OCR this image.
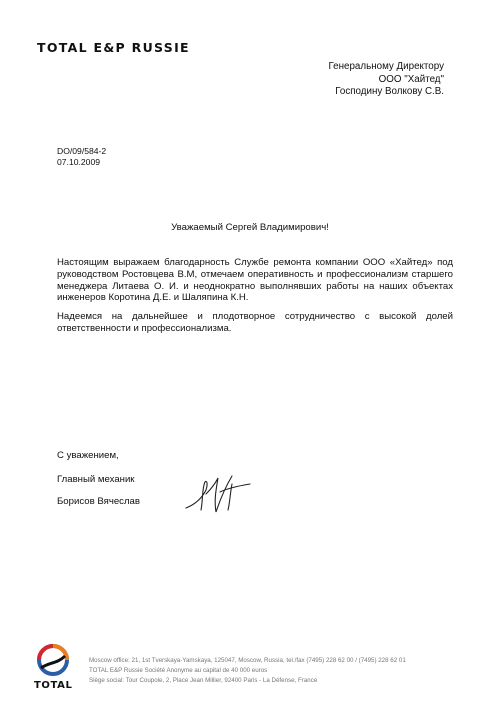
TOTAL E&P RUSSIE
Генеральному Директору
ООО "Хайтед"
Господину Волкову С.В.
DO/09/584-2
07.10.2009
Уважаемый Сергей Владимирович!
Настоящим выражаем благодарность Службе ремонта компании ООО «Хайтед» под руководством Ростовцева В.М, отмечаем оперативность и профессионализм старшего менеджера Литаева О. И. и неоднократно выполнявших работы на наших объектах инженеров Коротина Д.Е. и Шаляпина К.Н.
Надеемся на дальнейшее и плодотворное сотрудничество с высокой долей ответственности и профессионализма.
С уважением,
Главный механик
Борисов Вячеслав
TOTAL
Moscow office: 21, 1st Tverskaya-Yamskaya, 125047, Moscow, Russia, tel./fax (7495) 228 62 00 / (7495) 228 62 01
TOTAL E&P Russie Société Anonyme au capital de 40 000 euros
Siège social: Tour Coupole, 2, Place Jean Millier, 92400 Paris - La Défense, France
